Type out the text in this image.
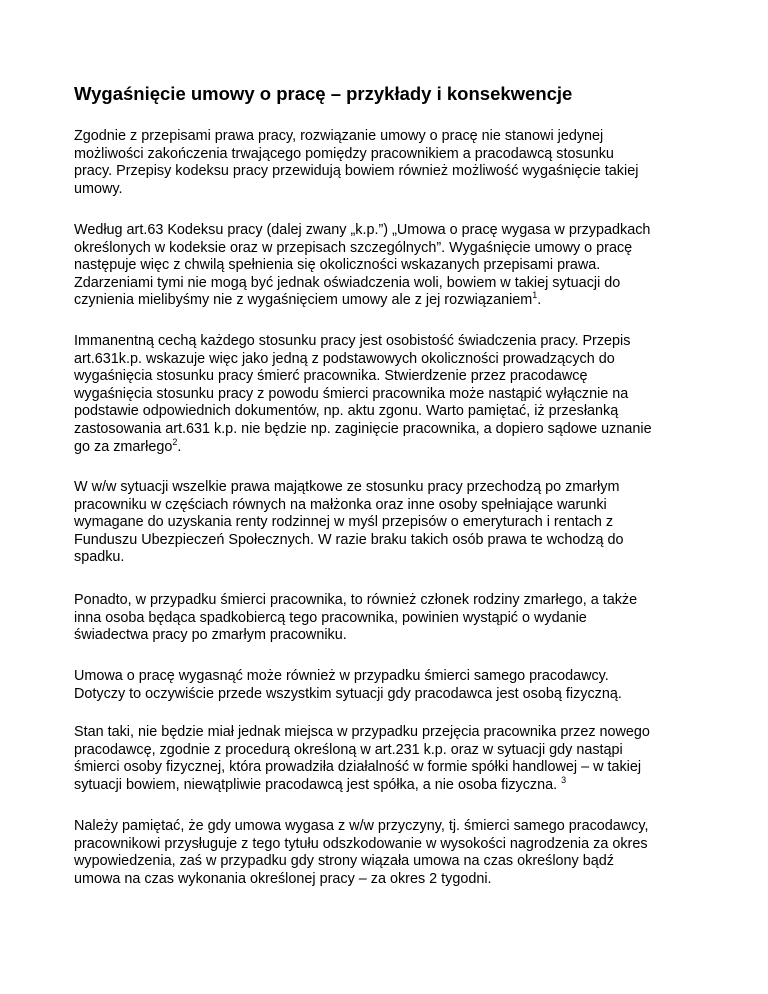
Wygaśnięcie umowy o pracę – przykłady i konsekwencje
Zgodnie z przepisami prawa pracy, rozwiązanie umowy o pracę nie stanowi jedynej
możliwości zakończenia trwającego pomiędzy pracownikiem a pracodawcą stosunku
pracy. Przepisy kodeksu pracy przewidują bowiem również możliwość wygaśnięcie takiej
umowy.
Według art.63 Kodeksu pracy (dalej zwany „k.p.”) „Umowa o pracę wygasa w przypadkach
określonych w kodeksie oraz w przepisach szczególnych”. Wygaśnięcie umowy o pracę
następuje więc z chwilą spełnienia się okoliczności wskazanych przepisami prawa.
Zdarzeniami tymi nie mogą być jednak oświadczenia woli, bowiem w takiej sytuacji do
czynienia mielibyśmy nie z wygaśnięciem umowy ale z jej rozwiązaniem$^1$.
Immanentną cechą każdego stosunku pracy jest osobistość świadczenia pracy. Przepis
art.631k.p. wskazuje więc jako jedną z podstawowych okoliczności prowadzących do
wygaśnięcia stosunku pracy śmierć pracownika. Stwierdzenie przez pracodawcę
wygaśnięcia stosunku pracy z powodu śmierci pracownika może nastąpić wyłącznie na
podstawie odpowiednich dokumentów, np. aktu zgonu. Warto pamiętać, iż przesłanką
zastosowania art.631 k.p. nie będzie np. zaginięcie pracownika, a dopiero sądowe uznanie
go za zmarłego$^2$.
W w/w sytuacji wszelkie prawa majątkowe ze stosunku pracy przechodzą po zmarłym
pracowniku w częściach równych na małżonka oraz inne osoby spełniające warunki
wymagane do uzyskania renty rodzinnej w myśl przepisów o emeryturach i rentach z
Funduszu Ubezpieczeń Społecznych. W razie braku takich osób prawa te wchodzą do
spadku.
Ponadto, w przypadku śmierci pracownika, to również członek rodziny zmarłego, a także
inna osoba będąca spadkobiercą tego pracownika, powinien wystąpić o wydanie
świadectwa pracy po zmarłym pracowniku.
Umowa o pracę wygasnąć może również w przypadku śmierci samego pracodawcy.
Dotyczy to oczywiście przede wszystkim sytuacji gdy pracodawca jest osobą fizyczną.
Stan taki, nie będzie miał jednak miejsca w przypadku przejęcia pracownika przez nowego
pracodawcę, zgodnie z procedurą określoną w art.231 k.p. oraz w sytuacji gdy nastąpi
śmierci osoby fizycznej, która prowadziła działalność w formie spółki handlowej – w takiej
sytuacji bowiem, niewątpliwie pracodawcą jest spółka, a nie osoba fizyczna. $^3$
Należy pamiętać, że gdy umowa wygasa z w/w przyczyny, tj. śmierci samego pracodawcy,
pracownikowi przysługuje z tego tytułu odszkodowanie w wysokości nagrodzenia za okres
wypowiedzenia, zaś w przypadku gdy strony wiązała umowa na czas określony bądź
umowa na czas wykonania określonej pracy – za okres 2 tygodni.
